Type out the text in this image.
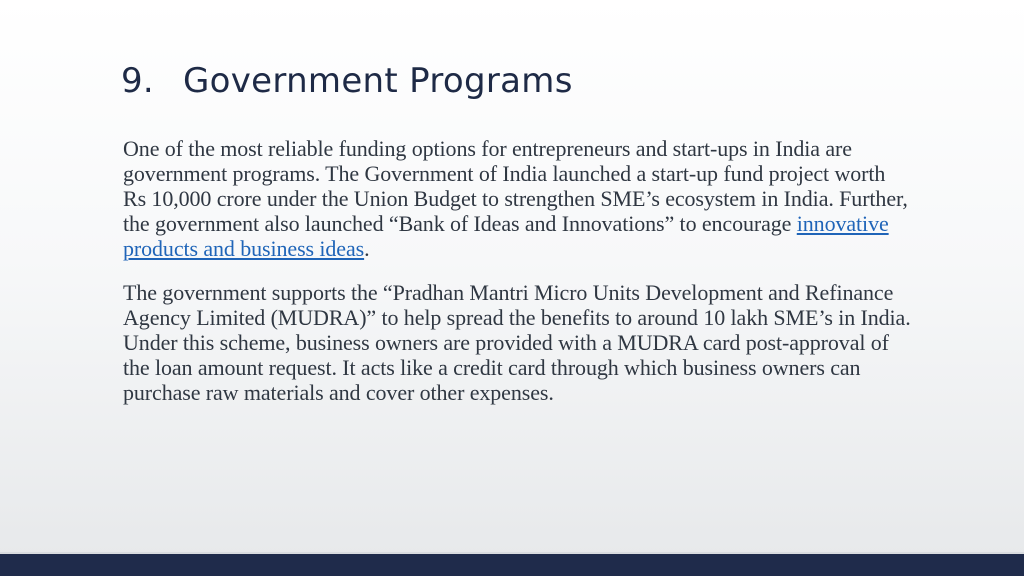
9. Government Programs

One of the most reliable funding options for entrepreneurs and start-ups in India are government programs. The Government of India launched a start-up fund project worth Rs 10,000 crore under the Union Budget to strengthen SME’s ecosystem in India. Further, the government also launched “Bank of Ideas and Innovations” to encourage innovative products and business ideas.

The government supports the “Pradhan Mantri Micro Units Development and Refinance Agency Limited (MUDRA)” to help spread the benefits to around 10 lakh SME’s in India. Under this scheme, business owners are provided with a MUDRA card post-approval of the loan amount request. It acts like a credit card through which business owners can purchase raw materials and cover other expenses.
